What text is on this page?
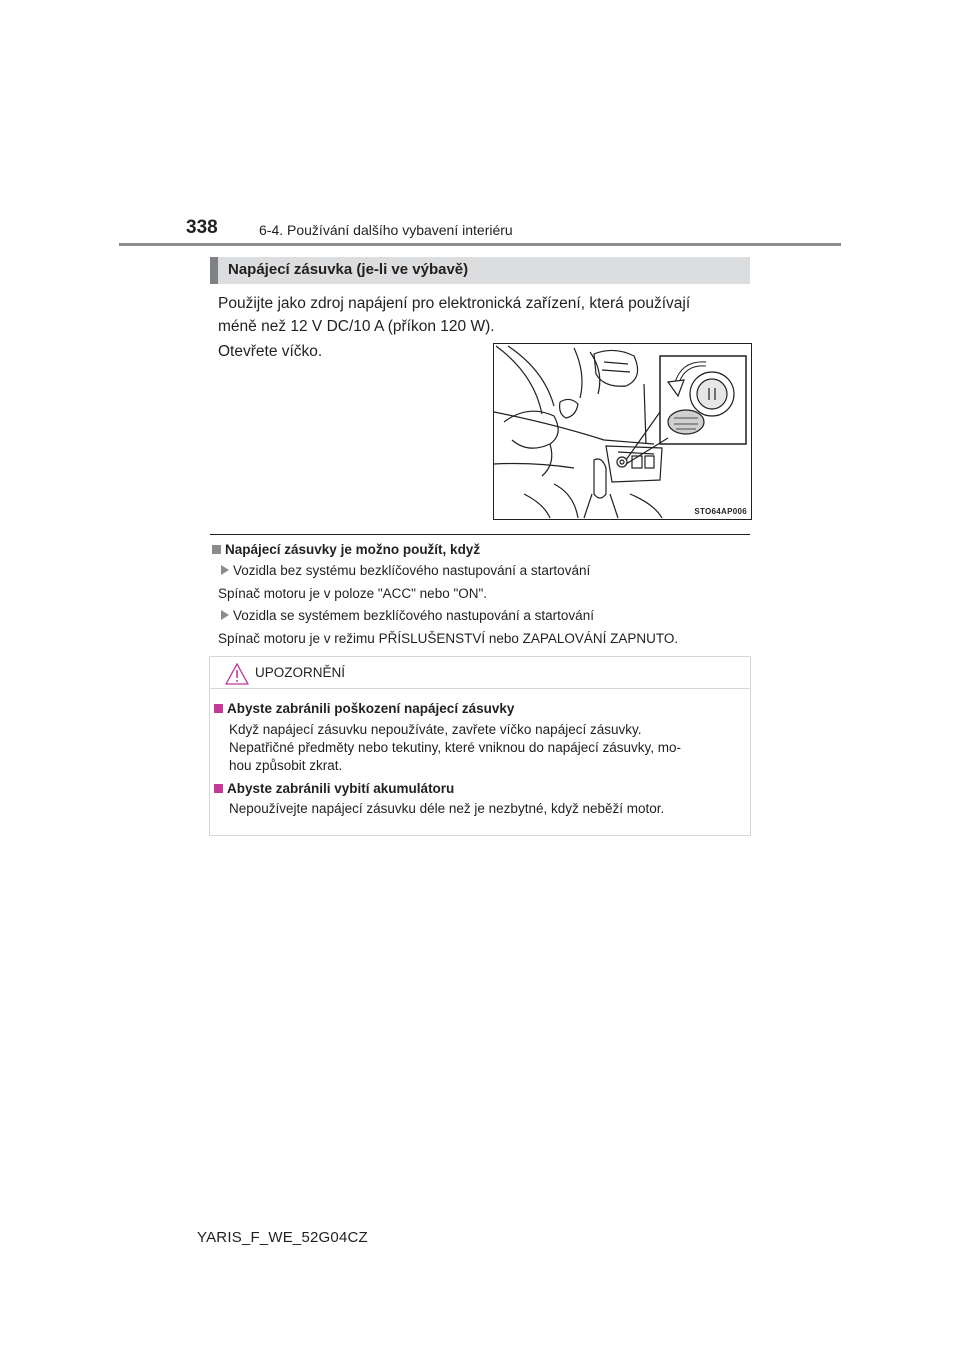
338	6-4. Používání dalšího vybavení interiéru
Napájecí zásuvka (je-li ve výbavě)
Použijte jako zdroj napájení pro elektronická zařízení, která používají
méně než 12 V DC/10 A (příkon 120 W).
Otevřete víčko.
STO64AP006
Napájecí zásuvky je možno použít, když
Vozidla bez systému bezklíčového nastupování a startování
Spínač motoru je v poloze "ACC" nebo "ON".
Vozidla se systémem bezklíčového nastupování a startování
Spínač motoru je v režimu PŘÍSLUŠENSTVÍ nebo ZAPALOVÁNÍ ZAPNUTO.
UPOZORNĚNÍ
Abyste zabránili poškození napájecí zásuvky
Když napájecí zásuvku nepoužíváte, zavřete víčko napájecí zásuvky.
Nepatřičné předměty nebo tekutiny, které vniknou do napájecí zásuvky, mo-
hou způsobit zkrat.
Abyste zabránili vybití akumulátoru
Nepoužívejte napájecí zásuvku déle než je nezbytné, když neběží motor.
YARIS_F_WE_52G04CZ
